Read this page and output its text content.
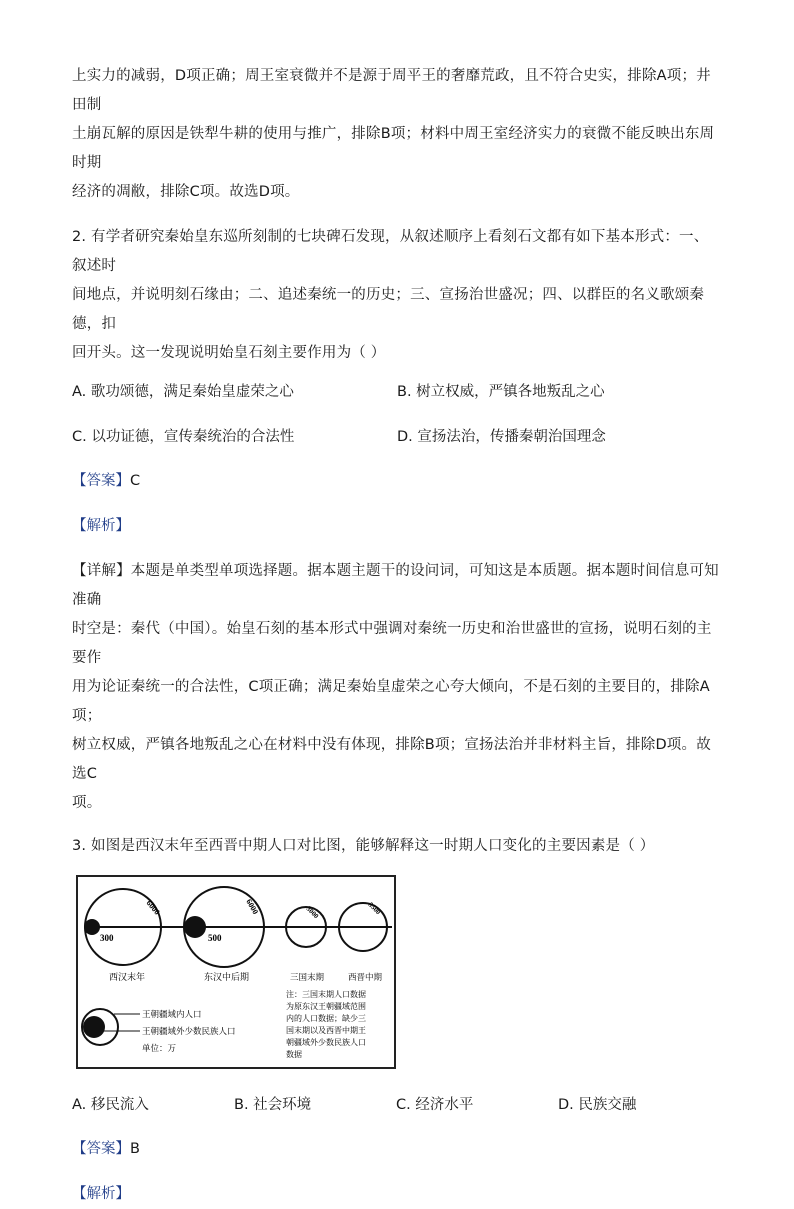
上实力的减弱，D项正确；周王室衰微并不是源于周平王的奢靡荒政，且不符合史实，排除A项；井田制

土崩瓦解的原因是铁犁牛耕的使用与推广，排除B项；材料中周王室经济实力的衰微不能反映出东周时期

经济的凋敝，排除C项。故选D项。

2. 有学者研究秦始皇东巡所刻制的七块碑石发现，从叙述顺序上看刻石文都有如下基本形式：一、叙述时

间地点，并说明刻石缘由；二、追述秦统一的历史；三、宣扬治世盛况；四、以群臣的名义歌颂秦德，扣

回开头。这一发现说明始皇石刻主要作用为（ ）

A. 歌功颂德，满足秦始皇虚荣之心	B. 树立权威，严镇各地叛乱之心
C. 以功证德，宣传秦统治的合法性	D. 宣扬法治，传播秦朝治国理念
【答案】C
【解析】

【详解】本题是单类型单项选择题。据本题主题干的设问词，可知这是本质题。据本题时间信息可知准确

时空是：秦代（中国）。始皇石刻的基本形式中强调对秦统一历史和治世盛世的宣扬，说明石刻的主要作

用为论证秦统一的合法性，C项正确；满足秦始皇虚荣之心夸大倾向，不是石刻的主要目的，排除A项；

树立权威，严镇各地叛乱之心在材料中没有体现，排除B项；宣扬法治并非材料主旨，排除D项。故选C

项。

3. 如图是西汉末年至西晋中期人口对比图，能够解释这一时期人口变化的主要因素是（ ）

6000
300
西汉末年
6000
500
东汉中后期
3000
三国末期
3500
西晋中期
王朝疆域内人口
王朝疆域外少数民族人口
单位：万
注：三国末期人口数据
为原东汉王朝疆域范围
内的人口数据；缺少三
国末期以及西晋中期王
朝疆域外少数民族人口
数据
A. 移民流入	B. 社会环境	C. 经济水平	D. 民族交融
【答案】B
【解析】
